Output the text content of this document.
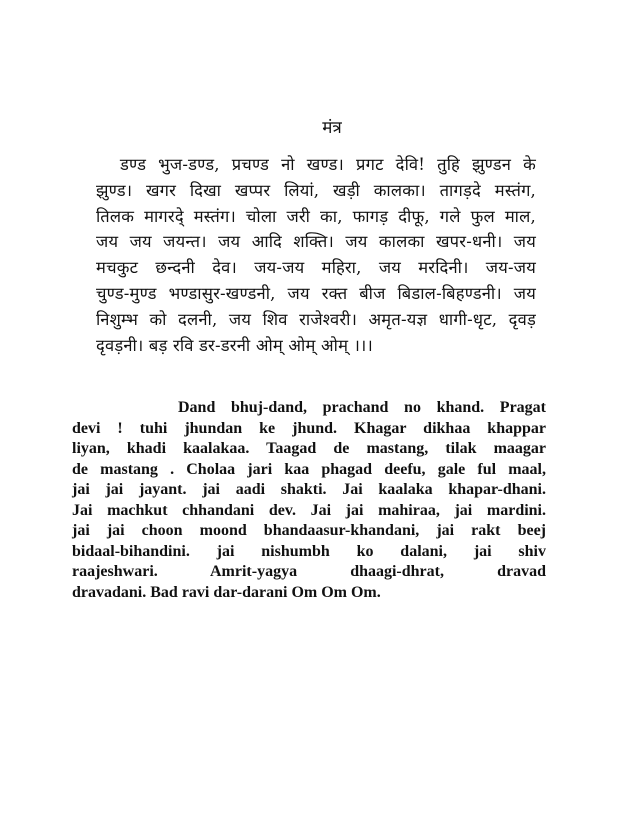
मंत्र
डण्ड भुज-डण्ड, प्रचण्ड नो खण्ड। प्रगट देवि! तुहि झुण्डन के
झुण्ड। खगर दिखा खप्पर लियां, खड़ी कालका। तागड़दे मस्तंग,
तिलक मागरदे् मस्तंग। चोला जरी का, फागड़ दीफू, गले फुल माल,
जय जय जयन्त। जय आदि शक्ति। जय कालका खपर-धनी। जय
मचकुट छन्दनी देव। जय-जय महिरा, जय मरदिनी। जय-जय
चुण्ड-मुण्ड भण्डासुर-खण्डनी, जय रक्त बीज बिडाल-बिहण्डनी। जय
निशुम्भ को दलनी, जय शिव राजेश्वरी। अमृत-यज्ञ धागी-धृट, दृवड़
दृवड़नी। बड़ रवि डर-डरनी ओम् ओम् ओम् ।।।
Dand bhuj-dand, prachand no khand. Pragat
devi ! tuhi jhundan ke jhund. Khagar dikhaa khappar
liyan, khadi kaalakaa. Taagad de mastang, tilak maagar
de mastang . Cholaa jari kaa phagad deefu, gale ful maal,
jai jai jayant. jai aadi shakti. Jai kaalaka khapar-dhani.
Jai machkut chhandani dev. Jai jai mahiraa, jai mardini.
jai jai choon moond bhandaasur-khandani, jai rakt beej
bidaal-bihandini. jai nishumbh ko dalani, jai shiv
raajeshwari. Amrit-yagya dhaagi-dhrat, dravad
dravadani. Bad ravi dar-darani Om Om Om.
